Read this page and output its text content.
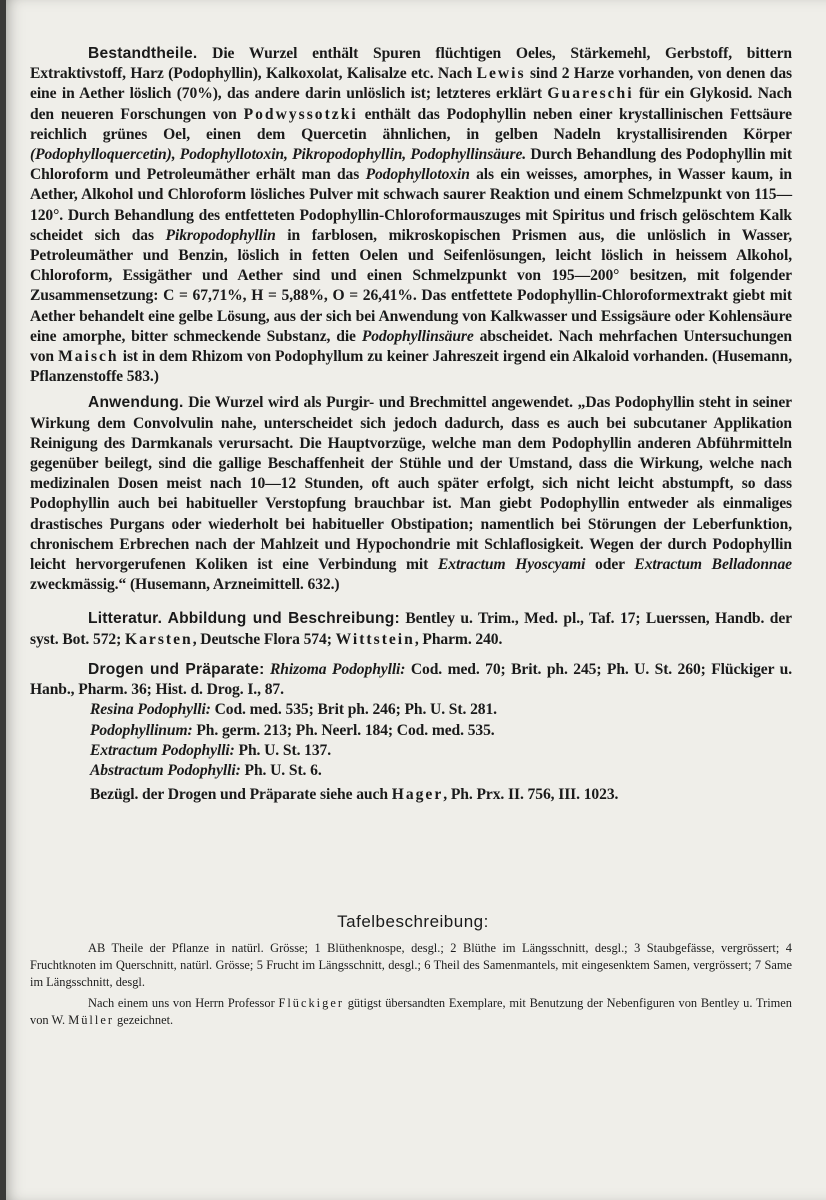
Bestandtheile. Die Wurzel enthält Spuren flüchtigen Oeles, Stärkemehl, Gerbstoff, bittern Extraktivstoff, Harz (Podophyllin), Kalkoxolat, Kalisalze etc. Nach Lewis sind 2 Harze vorhanden, von denen das eine in Aether löslich (70%), das andere darin unlöslich ist; letzteres erklärt Guareschi für ein Glykosid. Nach den neueren Forschungen von Podwyssotzki enthält das Podophyllin neben einer krystallinischen Fettsäure reichlich grünes Oel, einen dem Quercetin ähnlichen, in gelben Nadeln krystallisirenden Körper (Podophylloquercetin), Podophyllotoxin, Pikropodophyllin, Podophyllinsäure. Durch Behandlung des Podophyllin mit Chloroform und Petroleumäther erhält man das Podophyllotoxin als ein weisses, amorphes, in Wasser kaum, in Aether, Alkohol und Chloroform lösliches Pulver mit schwach saurer Reaktion und einem Schmelzpunkt von 115—120°. Durch Behandlung des entfetteten Podophyllin-Chloroformauszuges mit Spiritus und frisch gelöschtem Kalk scheidet sich das Pikropodophyllin in farblosen, mikroskopischen Prismen aus, die unlöslich in Wasser, Petroleumäther und Benzin, löslich in fetten Oelen und Seifenlösungen, leicht löslich in heissem Alkohol, Chloroform, Essigäther und Aether sind und einen Schmelzpunkt von 195—200° besitzen, mit folgender Zusammensetzung: C = 67,71%, H = 5,88%, O = 26,41%. Das entfettete Podophyllin-Chloroformextrakt giebt mit Aether behandelt eine gelbe Lösung, aus der sich bei Anwendung von Kalkwasser und Essigsäure oder Kohlensäure eine amorphe, bitter schmeckende Substanz, die Podophyllinsäure abscheidet. Nach mehrfachen Untersuchungen von Maisch ist in dem Rhizom von Podophyllum zu keiner Jahreszeit irgend ein Alkaloid vorhanden. (Husemann, Pflanzenstoffe 583.)

Anwendung. Die Wurzel wird als Purgir- und Brechmittel angewendet. „Das Podophyllin steht in seiner Wirkung dem Convolvulin nahe, unterscheidet sich jedoch dadurch, dass es auch bei subcutaner Applikation Reinigung des Darmkanals verursacht. Die Hauptvorzüge, welche man dem Podophyllin anderen Abführmitteln gegenüber beilegt, sind die gallige Beschaffenheit der Stühle und der Umstand, dass die Wirkung, welche nach medizinalen Dosen meist nach 10—12 Stunden, oft auch später erfolgt, sich nicht leicht abstumpft, so dass Podophyllin auch bei habitueller Verstopfung brauchbar ist. Man giebt Podophyllin entweder als einmaliges drastisches Purgans oder wiederholt bei habitueller Obstipation; namentlich bei Störungen der Leberfunktion, chronischem Erbrechen nach der Mahlzeit und Hypochondrie mit Schlaflosigkeit. Wegen der durch Podophyllin leicht hervorgerufenen Koliken ist eine Verbindung mit Extractum Hyoscyami oder Extractum Belladonnae zweckmässig.“ (Husemann, Arzneimittell. 632.)

Litteratur. Abbildung und Beschreibung: Bentley u. Trim., Med. pl., Taf. 17; Luerssen, Handb. der syst. Bot. 572; Karsten, Deutsche Flora 574; Wittstein, Pharm. 240.

Drogen und Präparate: Rhizoma Podophylli: Cod. med. 70; Brit. ph. 245; Ph. U. St. 260; Flückiger u. Hanb., Pharm. 36; Hist. d. Drog. I., 87.

Resina Podophylli: Cod. med. 535; Brit ph. 246; Ph. U. St. 281.

Podophyllinum: Ph. germ. 213; Ph. Neerl. 184; Cod. med. 535.

Extractum Podophylli: Ph. U. St. 137.

Abstractum Podophylli: Ph. U. St. 6.

Bezügl. der Drogen und Präparate siehe auch Hager, Ph. Prx. II. 756, III. 1023.

Tafelbeschreibung:

AB Theile der Pflanze in natürl. Grösse; 1 Blüthenknospe, desgl.; 2 Blüthe im Längsschnitt, desgl.; 3 Staubgefässe, vergrössert; 4 Fruchtknoten im Querschnitt, natürl. Grösse; 5 Frucht im Längsschnitt, desgl.; 6 Theil des Samenmantels, mit eingesenktem Samen, vergrössert; 7 Same im Längsschnitt, desgl.

Nach einem uns von Herrn Professor Flückiger gütigst übersandten Exemplare, mit Benutzung der Nebenfiguren von Bentley u. Trimen von W. Müller gezeichnet.
